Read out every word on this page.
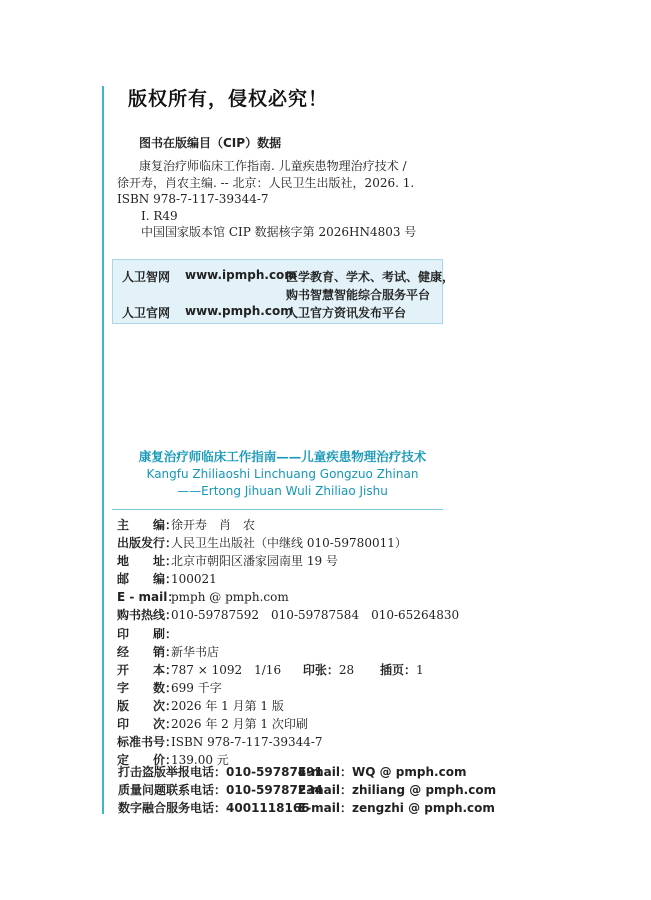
版权所有，侵权必究！
图书在版编目（CIP）数据
康复治疗师临床工作指南. 儿童疾患物理治疗技术 /
徐开寿，肖农主编. -- 北京：人民卫生出版社，2026. 1.
ISBN 978-7-117-39344-7
Ⅰ. R49
中国国家版本馆 CIP 数据核字第 2026HN4803 号
人卫智网 www.ipmph.com
医学教育、学术、考试、健康，
购书智慧智能综合服务平台
人卫官网 www.pmph.com
人卫官方资讯发布平台
康复治疗师临床工作指南——儿童疾患物理治疗技术
Kangfu Zhiliaoshi Linchuang Gongzuo Zhinan
——Ertong Jihuan Wuli Zhiliao Jishu
主　　编：徐开寿　肖　农
出版发行：人民卫生出版社（中继线 010-59780011）
地　　址：北京市朝阳区潘家园南里 19 号
邮　　编：100021
E - mail：pmph @ pmph.com
购书热线：010-59787592　010-59787584　010-65264830
印　　刷：
经　　销：新华书店
开　　本：787 × 1092　1/16 印张：28 插页：1
字　　数：699 千字
版　　次：2026 年 1 月第 1 版
印　　次：2026 年 2 月第 1 次印刷
标准书号：ISBN 978-7-117-39344-7
定　　价：139.00 元
打击盗版举报电话：010-59787491
E-mail：WQ @ pmph.com
质量问题联系电话：010-59787234
E-mail：zhiliang @ pmph.com
数字融合服务电话：4001118166
E-mail：zengzhi @ pmph.com
